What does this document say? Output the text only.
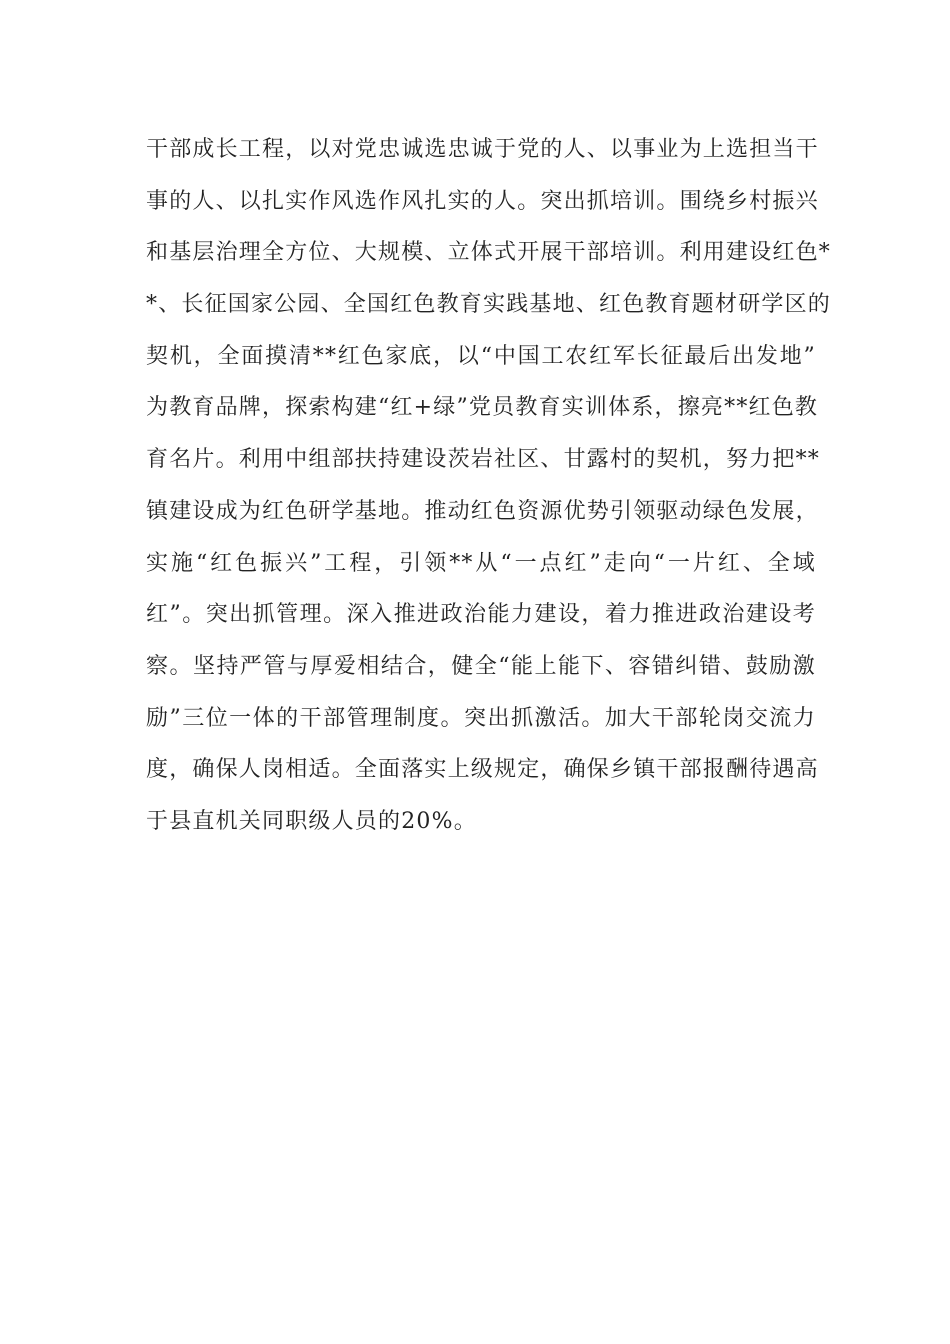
干部成长工程，以对党忠诚选忠诚于党的人、以事业为上选担当干
事的人、以扎实作风选作风扎实的人。突出抓培训。围绕乡村振兴
和基层治理全方位、大规模、立体式开展干部培训。利用建设红色*
*、长征国家公园、全国红色教育实践基地、红色教育题材研学区的
契机，全面摸清**红色家底，以“中国工农红军长征最后出发地”
为教育品牌，探索构建“红+绿”党员教育实训体系，擦亮**红色教
育名片。利用中组部扶持建设茨岩社区、甘露村的契机，努力把**
镇建设成为红色研学基地。推动红色资源优势引领驱动绿色发展，
实施“红色振兴”工程，引领**从“一点红”走向“一片红、全域
红”。突出抓管理。深入推进政治能力建设，着力推进政治建设考
察。坚持严管与厚爱相结合，健全“能上能下、容错纠错、鼓励激
励”三位一体的干部管理制度。突出抓激活。加大干部轮岗交流力
度，确保人岗相适。全面落实上级规定，确保乡镇干部报酬待遇高
于县直机关同职级人员的20%。
